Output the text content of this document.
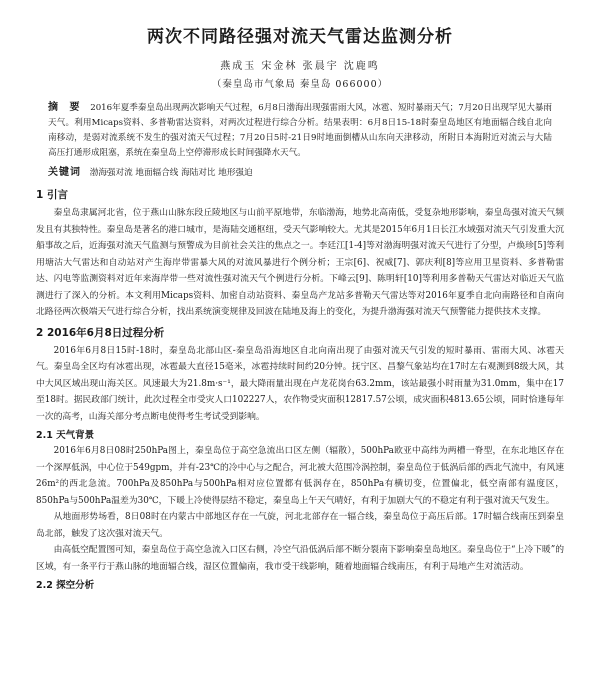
两次不同路径强对流天气雷达监测分析
燕成玉 宋金林 张晨宇 沈鹿鸣
（秦皇岛市气象局 秦皇岛 066000）
摘 要 2016年夏季秦皇岛出现两次影响天气过程，6月8日渤海出现强雷雨大风，冰雹、短时暴雨天气；7月20日出现罕见大暴雨天气。利用Micaps资料、多普勒雷达资料，对两次过程进行综合分析。结果表明：6月8日15-18时秦皇岛地区有地面辐合线自北向南移动，是弱对流系统不发生的强对流天气过程；7月20日5时-21日9时地面倒槽从山东向天津移动，所附日本海附近对流云与大陆高压打通形成阻塞，系统在秦皇岛上空停滞形成长时间强降水天气。
关键词 渤海强对流 地面辐合线 海陆对比 地形强迫
1 引言

秦皇岛隶属河北省，位于燕山山脉东段丘陵地区与山前平原地带，东临渤海，地势北高南低，受复杂地形影响，秦皇岛强对流天气频发且有其独特性。秦皇岛是著名的港口城市，是海陆交通枢纽，受天气影响较大。尤其是2015年6月1日长江水域强对流天气引发重大沉船事故之后，近海强对流天气监测与预警成为目前社会关注的焦点之一。李廷江[1-4]等对渤海明强对流天气进行了分型，卢焕珍[5]等利用塘沽大气雷达和自动站对产生海岸带雷暴大风的对流风暴进行个例分析；王宗[6]、祝威[7]、郭庆利[8]等应用卫星资料、多普勒雷达、闪电等监测资料对近年来海岸带一些对流性强对流天气个例进行分析。下峰云[9]、陈明轩[10]等利用多普勒天气雷达对临近天气监测进行了深入的分析。本文利用Micaps资料、加密自动站资料、秦皇岛产龙站多普勒天气雷达等对2016年夏季自北向南路径和自南向北路径两次极端天气进行综合分析，找出系统演变规律及回波在陆地及海上的变化，为提升渤海强对流天气预警能力提供技术支撑。

2 2016年6月8日过程分析

2016年6月8日15时-18时，秦皇岛北部山区-秦皇岛沿海地区自北向南出现了由强对流天气引发的短时暴雨、雷雨大风、冰雹天气。秦皇岛全区均有冰雹出现，冰雹最大直径15毫米，冰雹持续时间约20分钟。抚宁区、昌黎气象站均在17时左右观测到8级大风，其中大风区域出现山海关区。风速最大为21.8m·s⁻¹，最大降雨量出现在卢龙花岗台63.2mm，该站最强小时雨量为31.0mm，集中在17至18时。据民政部门统计，此次过程全市受灾人口102227人，农作物受灾面积12817.57公顷，成灾面积4813.65公顷，同时恰逢每年一次的高考，山海关部分考点断电使得考生考试受到影响。

2.1 天气背景

2016年6月8日08时250hPa图上，秦皇岛位于高空急流出口区左侧（辐散），500hPa欧亚中高纬为两槽一脊型，在东北地区存在一个深厚低涡，中心位于549gpm，并有-23℃的冷中心与之配合，河北被大范围冷涡控制，秦皇岛位于低涡后部的西北气流中，有风速26m²的西北急流。700hPa及850hPa与500hPa相对应位置都有低涡存在，850hPa有横切变，位置偏北，低空南部有温度区，850hPa与500hPa温差为30℃，下暖上冷使得层结不稳定，秦皇岛上午天气晴好，有利于加剧大气的不稳定有利于强对流天气发生。

从地面形势场看，8日08时在内蒙古中部地区存在一气旋，河北北部存在一辐合线，秦皇岛位于高压后部。17时辐合线南压到秦皇岛北部，触发了这次强对流天气。

由高低空配置图可知，秦皇岛位于高空急流入口区右侧，冷空气沿低涡后部不断分裂南下影响秦皇岛地区。秦皇岛位于“上冷下暖”的区域，有一条平行于燕山脉的地面辐合线，湿区位置偏南，我市受干线影响，随着地面辐合线南压，有利于局地产生对流活动。

2.2 探空分析
